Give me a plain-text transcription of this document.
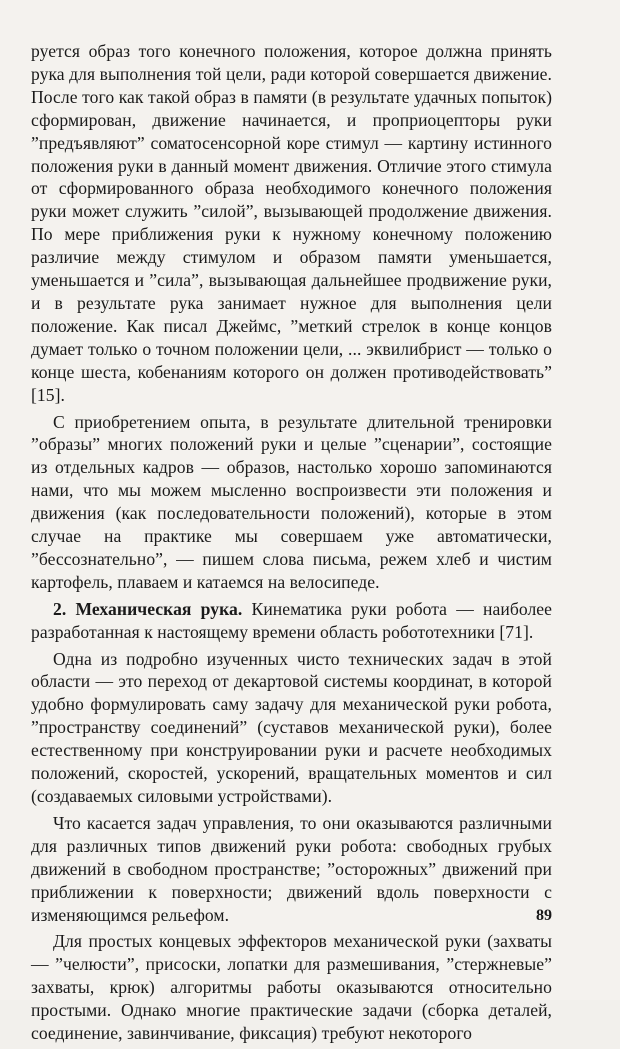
руется образ того конечного положения, которое должна принять рука для выполнения той цели, ради которой совершается движение. После того как такой образ в памяти (в результате удачных попыток) сформирован, движение начинается, и проприоцепторы руки ”предъявляют” соматосенсорной коре стимул — картину истинного положения руки в данный момент движения. Отличие этого стимула от сформированного образа необходимого конечного положения руки может служить ”силой”, вызывающей продолжение движения. По мере приближения руки к нужному конечному положению различие между стимулом и образом памяти уменьшается, уменьшается и ”сила”, вызывающая дальнейшее продвижение руки, и в результате рука занимает нужное для выполнения цели положение. Как писал Джеймс, ”меткий стрелок в конце концов думает только о точном положении цели, ... эквилибрист — только о конце шеста, кобенаниям которого он должен противодействовать” [15].

С приобретением опыта, в результате длительной тренировки ”образы” многих положений руки и целые ”сценарии”, состоящие из отдельных кадров — образов, настолько хорошо запоминаются нами, что мы можем мысленно воспроизвести эти положения и движения (как последовательности положений), которые в этом случае на практике мы совершаем уже автоматически, ”бессознательно”, — пишем слова письма, режем хлеб и чистим картофель, плаваем и катаемся на велосипеде.

2. Механическая рука. Кинематика руки робота — наиболее разработанная к настоящему времени область робототехники [71].

Одна из подробно изученных чисто технических задач в этой области — это переход от декартовой системы координат, в которой удобно формулировать саму задачу для механической руки робота, ”пространству соединений” (суставов механической руки), более естественному при конструировании руки и расчете необходимых положений, скоростей, ускорений, вращательных моментов и сил (создаваемых силовыми устройствами).

Что касается задач управления, то они оказываются различными для различных типов движений руки робота: свободных грубых движений в свободном пространстве; ”осторожных” движений при приближении к поверхности; движений вдоль поверхности с изменяющимся рельефом.

Для простых концевых эффекторов механической руки (захваты — ”челюсти”, присоски, лопатки для размешивания, ”стержневые” захваты, крюк) алгоритмы работы оказываются относительно простыми. Однако многие практические задачи (сборка деталей, соединение, завинчивание, фиксация) требуют некоторого

89
